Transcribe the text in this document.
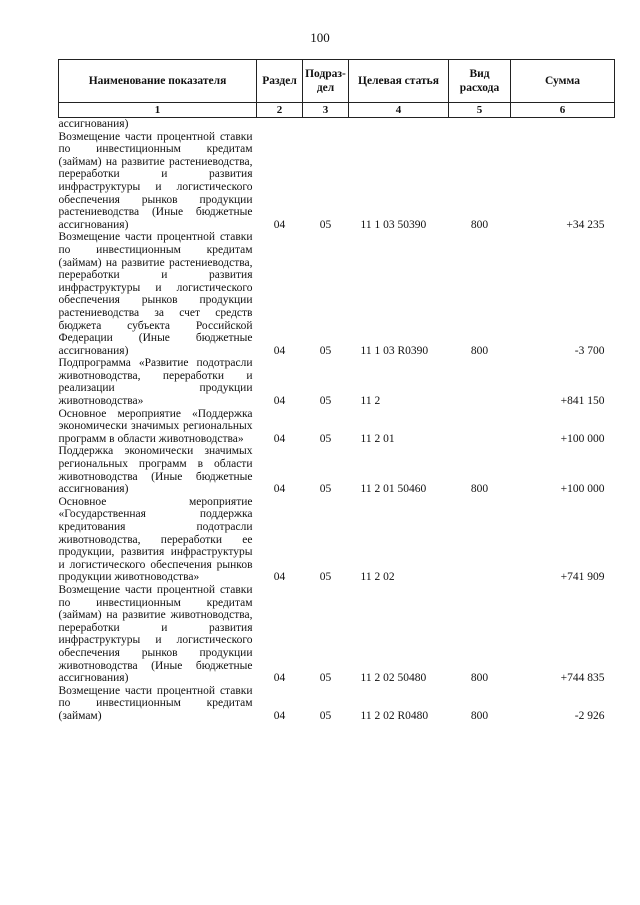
100
Наименование показателя	Раздел	Подраз-дел	Целевая статья	Вид расхода	Сумма
1	2	3	4	5	6
ассигнования)					
Возмещение части процентной ставки по инвестиционным кредитам (займам) на развитие растениеводства, переработки и развития инфраструктуры и логистического обеспечения рынков продукции растениеводства (Иные бюджетные ассигнования)	04	05	11 1 03 50390	800	+34 235
Возмещение части процентной ставки по инвестиционным кредитам (займам) на развитие растениеводства, переработки и развития инфраструктуры и логистического обеспечения рынков продукции растениеводства за счет средств бюджета субъекта Российской Федерации (Иные бюджетные ассигнования)	04	05	11 1 03 R0390	800	-3 700
Подпрограмма «Развитие подотрасли животноводства, переработки и реализации продукции животноводства»	04	05	11 2		+841 150
Основное мероприятие «Поддержка экономически значимых региональных программ в области животноводства»	04	05	11 2 01		+100 000
Поддержка экономически значимых региональных программ в области животноводства (Иные бюджетные ассигнования)	04	05	11 2 01 50460	800	+100 000
Основное мероприятие «Государственная поддержка кредитования подотрасли животноводства, переработки ее продукции, развития инфраструктуры и логистического обеспечения рынков продукции животноводства»	04	05	11 2 02		+741 909
Возмещение части процентной ставки по инвестиционным кредитам (займам) на развитие животноводства, переработки и развития инфраструктуры и логистического обеспечения рынков продукции животноводства (Иные бюджетные ассигнования)	04	05	11 2 02 50480	800	+744 835
Возмещение части процентной ставки по инвестиционным кредитам (займам)	04	05	11 2 02 R0480	800	-2 926
